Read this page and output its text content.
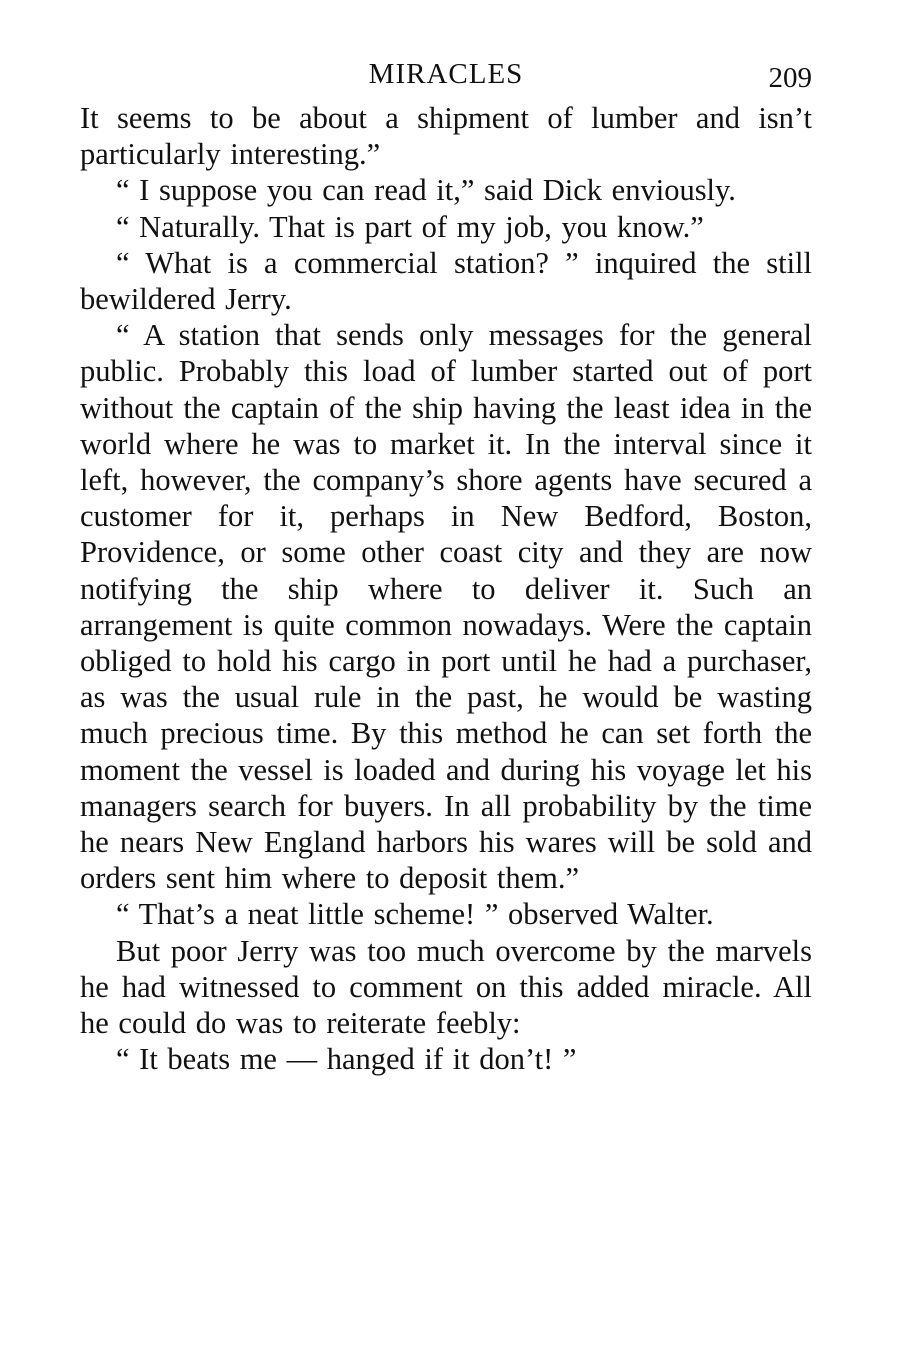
MIRACLES	209

It seems to be about a shipment of lumber and isn’t particularly interesting.”

“ I suppose you can read it,” said Dick enviously.

“ Naturally. That is part of my job, you know.”

“ What is a commercial station? ” inquired the still bewildered Jerry.

“ A station that sends only messages for the general public. Probably this load of lumber started out of port without the captain of the ship having the least idea in the world where he was to market it. In the interval since it left, however, the company’s shore agents have secured a customer for it, perhaps in New Bedford, Boston, Providence, or some other coast city and they are now notifying the ship where to deliver it. Such an arrangement is quite common nowadays. Were the captain obliged to hold his cargo in port until he had a purchaser, as was the usual rule in the past, he would be wasting much precious time. By this method he can set forth the moment the vessel is loaded and during his voyage let his managers search for buyers. In all probability by the time he nears New England harbors his wares will be sold and orders sent him where to deposit them.”

“ That’s a neat little scheme! ” observed Walter.

But poor Jerry was too much overcome by the marvels he had witnessed to comment on this added miracle. All he could do was to reiterate feebly:

“ It beats me — hanged if it don’t! ”
